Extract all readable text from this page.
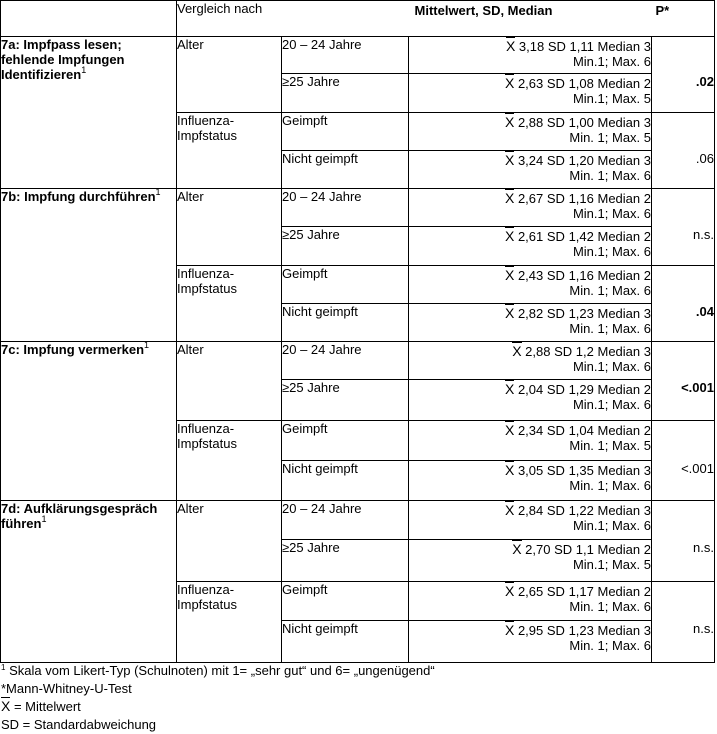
	Vergleich nach		Mittelwert, SD, Median	P*
7a: Impfpass lesen; fehlende Impfungen Identifizieren$^1$	Alter	20 – 24 Jahre	X 3,18 SD 1,11 Median 3
Min.1; Max. 6	

		≥25 Jahre	X 2,63 SD 1,08 Median 2
Min.1; Max. 5	.02
	Influenza-Impfstatus	Geimpft	X 2,88 SD 1,00 Median 3
Min. 1; Max. 5	

		Nicht geimpft	X 3,24 SD 1,20 Median 3
Min. 1; Max. 6	.06
7b: Impfung durchführen$^1$	Alter	20 – 24 Jahre	X 2,67 SD 1,16 Median 2
Min.1; Max. 6	

		≥25 Jahre	X 2,61 SD 1,42 Median 2
Min.1; Max. 6	n.s.
	Influenza-Impfstatus	Geimpft	X 2,43 SD 1,16 Median 2
Min. 1; Max. 6	

		Nicht geimpft	X 2,82 SD 1,23 Median 3
Min. 1; Max. 6	.04
7c: Impfung vermerken$^1$	Alter	20 – 24 Jahre	X 2,88 SD 1,2 Median 3
Min.1; Max. 6	

		≥25 Jahre	X 2,04 SD 1,29 Median 2
Min.1; Max. 6	<.001
	Influenza-Impfstatus	Geimpft	X 2,34 SD 1,04 Median 2
Min. 1; Max. 5	

		Nicht geimpft	X 3,05 SD 1,35 Median 3
Min. 1; Max. 6	<.001
7d: Aufklärungsgespräch führen$^1$	Alter	20 – 24 Jahre	X 2,84 SD 1,22 Median 3
Min.1; Max. 6	

		≥25 Jahre	X 2,70 SD 1,1 Median 2
Min.1; Max. 5	n.s.
	Influenza-Impfstatus	Geimpft	X 2,65 SD 1,17 Median 2
Min. 1; Max. 6	

		Nicht geimpft	X 2,95 SD 1,23 Median 3
Min. 1; Max. 6	n.s.
$^1$ Skala vom Likert-Typ (Schulnoten) mit 1= „sehr gut“ und 6= „ungenügend“
*Mann-Whitney-U-Test
X = Mittelwert
SD = Standardabweichung
